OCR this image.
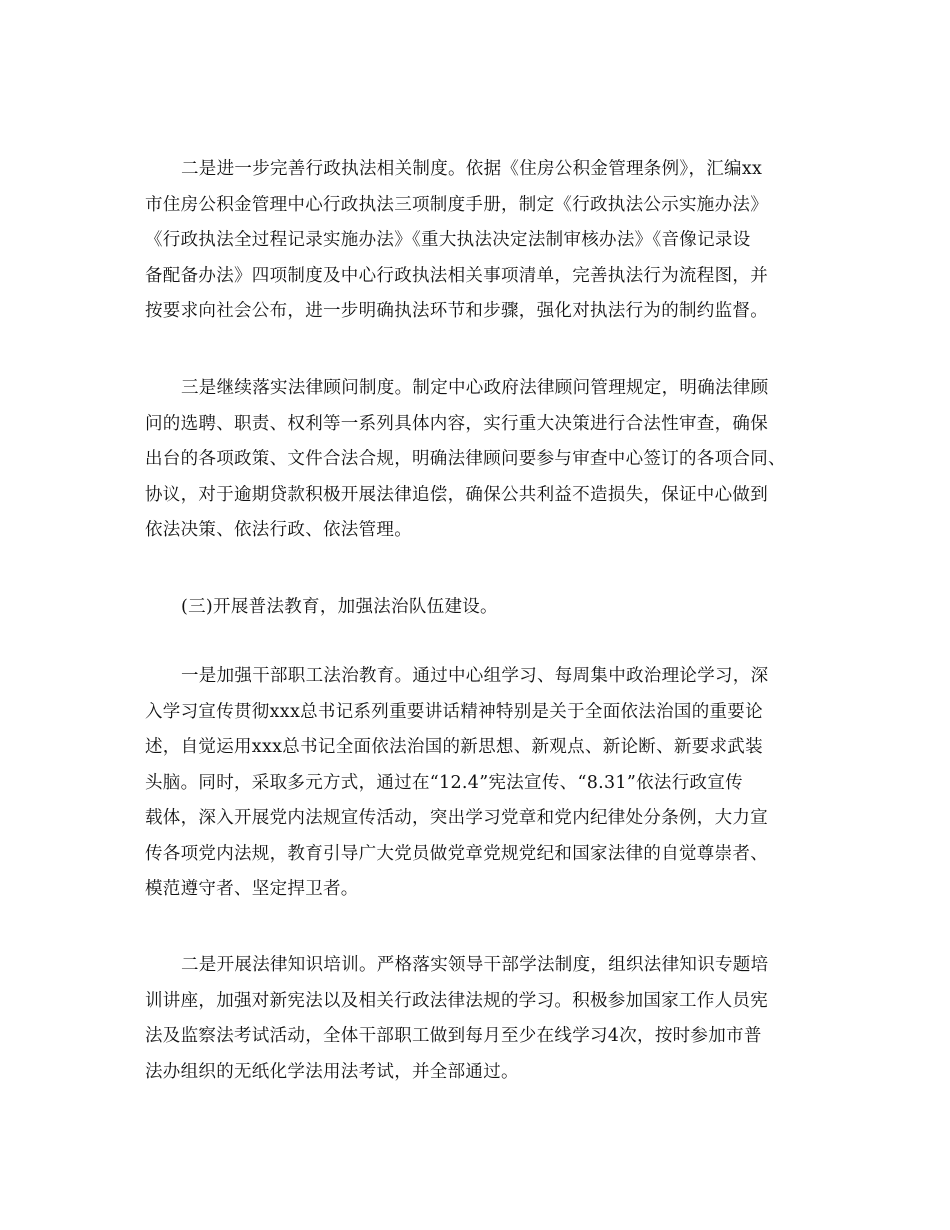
二是进一步完善行政执法相关制度。依据《住房公积金管理条例》，汇编xx
市住房公积金管理中心行政执法三项制度手册，制定《行政执法公示实施办法》
《行政执法全过程记录实施办法》《重大执法决定法制审核办法》《音像记录设
备配备办法》四项制度及中心行政执法相关事项清单，完善执法行为流程图，并
按要求向社会公布，进一步明确执法环节和步骤，强化对执法行为的制约监督。

三是继续落实法律顾问制度。制定中心政府法律顾问管理规定，明确法律顾
问的选聘、职责、权利等一系列具体内容，实行重大决策进行合法性审查，确保
出台的各项政策、文件合法合规，明确法律顾问要参与审查中心签订的各项合同、
协议，对于逾期贷款积极开展法律追偿，确保公共利益不造损失，保证中心做到
依法决策、依法行政、依法管理。

(三)开展普法教育，加强法治队伍建设。

一是加强干部职工法治教育。通过中心组学习、每周集中政治理论学习，深
入学习宣传贯彻xxx总书记系列重要讲话精神特别是关于全面依法治国的重要论
述，自觉运用xxx总书记全面依法治国的新思想、新观点、新论断、新要求武装
头脑。同时，采取多元方式，通过在“12.4”宪法宣传、“8.31”依法行政宣传
载体，深入开展党内法规宣传活动，突出学习党章和党内纪律处分条例，大力宣
传各项党内法规，教育引导广大党员做党章党规党纪和国家法律的自觉尊崇者、
模范遵守者、坚定捍卫者。

二是开展法律知识培训。严格落实领导干部学法制度，组织法律知识专题培
训讲座，加强对新宪法以及相关行政法律法规的学习。积极参加国家工作人员宪
法及监察法考试活动，全体干部职工做到每月至少在线学习4次，按时参加市普
法办组织的无纸化学法用法考试，并全部通过。
